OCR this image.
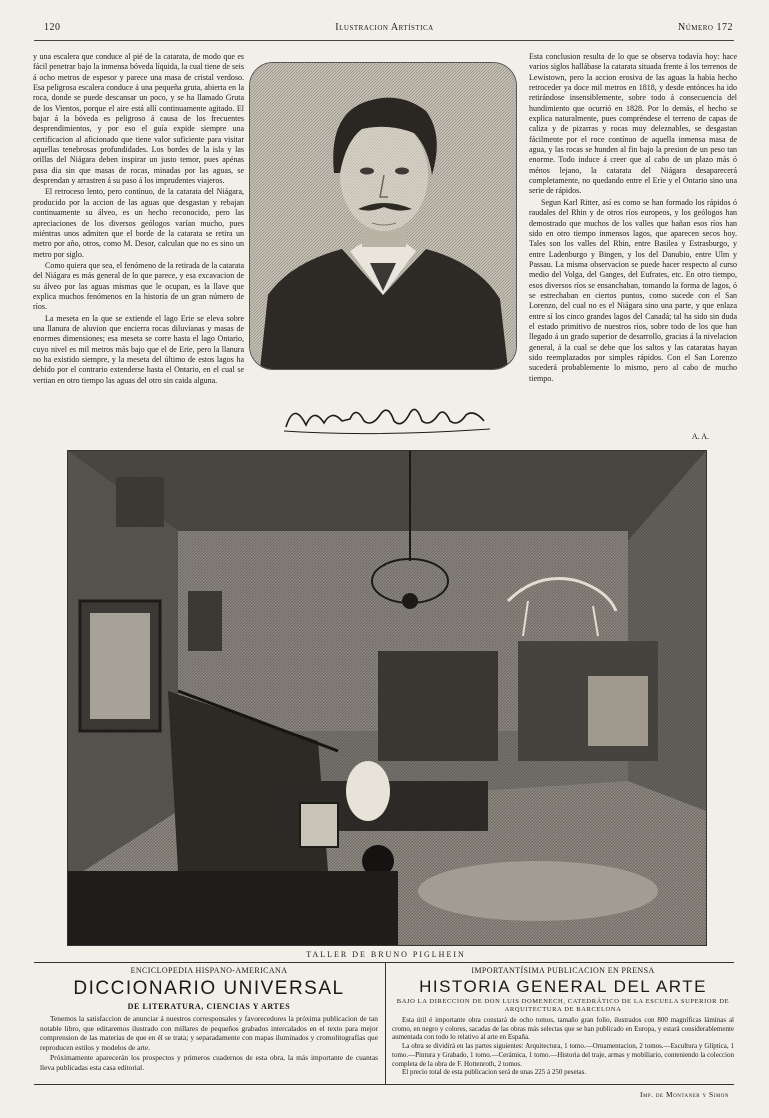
120	Ilustracion Artística	Número 172

y una escalera que conduce al pié de la catarata, de modo que es fácil penetrar bajo la inmensa bóveda líquida, la cual tiene de seis á ocho metros de espesor y parece una masa de cristal verdoso. Esa peligrosa escalera conduce á una pequeña gruta, abierta en la roca, donde se puede descansar un poco, y se ha llamado Gruta de los Vientos, porque el aire está allí continuamente agitado. El bajar á la bóveda es peligroso á causa de los frecuentes desprendimientos, y por eso el guía expide siempre una certificacion al aficionado que tiene valor suficiente para visitar aquellas tenebrosas profundidades. Los bordes de la isla y las orillas del Niágara deben inspirar un justo temor, pues apénas pasa dia sin que masas de rocas, minadas por las aguas, se desprendan y arrastren á su paso á los imprudentes viajeros.

El retroceso lento, pero contínuo, de la catarata del Niágara, producido por la accion de las aguas que desgastan y rebajan continuamente su álveo, es un hecho reconocido, pero las apreciaciones de los diversos geólogos varían mucho, pues miéntras unos admiten que el borde de la catarata se retira un metro por año, otros, como M. Desor, calculan que no es sino un metro por siglo.

Como quiera que sea, el fenómeno de la retirada de la catarata del Niágara es más general de lo que parece, y esa excavacion de su álveo por las aguas mismas que le ocupan, es la llave que explica muchos fenómenos en la historia de un gran número de ríos.

La meseta en la que se extiende el lago Erie se eleva sobre una llanura de aluvion que encierra rocas diluvianas y masas de enormes dimensiones; esa meseta se corre hasta el lago Ontario, cuyo nivel es mil metros más bajo que el de Erie, pero la llanura no ha existido siempre, y la meseta del último de estos lagos ha debido por el contrario extenderse hasta el Ontario, en el cual se vertian en otro tiempo las aguas del otro sin caida alguna.

Esta conclusion resulta de lo que se observa todavía hoy: hace varios siglos hallábase la catarata situada frente á los terrenos de Lewistown, pero la accion erosiva de las aguas la habia hecho retroceder ya doce mil metros en 1818, y desde entónces ha ido retirándose insensiblemente, sobre todo á consecuencia del hundimiento que ocurrió en 1828. Por lo demás, el hecho se explica naturalmente, pues compréndese el terreno de capas de caliza y de pizarras y rocas muy deleznables, se desgastan fácilmente por el roce contínuo de aquella inmensa masa de agua, y las rocas se hunden al fin bajo la presion de un peso tan enorme. Todo induce á creer que al cabo de un plazo más ó ménos lejano, la catarata del Niágara desaparecerá completamente, no quedando entre el Erie y el Ontario sino una serie de rápidos.

Segun Karl Ritter, así es como se han formado los rápidos ó raudales del Rhin y de otros ríos europeos, y los geólogos han demostrado que muchos de los valles que bañan esos ríos han sido en otro tiempo inmensos lagos, que aparecen secos hoy. Tales son los valles del Rhin, entre Basilea y Estrasburgo, y entre Ladenburgo y Bingen, y los del Danubio, entre Ulm y Passau. La misma observacion se puede hacer respecto al curso medio del Volga, del Ganges, del Eufrates, etc. En otro tiempo, esos diversos ríos se ensanchaban, tomando la forma de lagos, ó se estrechaban en ciertos puntos, como sucede con el San Lorenzo, del cual no es el Niágara sino una parte, y que enlaza entre sí los cinco grandes lagos del Canadá; tal ha sido sin duda el estado primitivo de nuestros ríos, sobre todo de los que han llegado á un grado superior de desarrollo, gracias á la nivelacion general, á la cual se debe que los saltos y las cataratas hayan sido reemplazados por simples rápidos. Con el San Lorenzo sucederá probablemente lo mismo, pero al cabo de mucho tiempo.

A. A.
TALLER DE BRUNO PIGLHEIN
ENCICLOPEDIA HISPANO-AMERICANA
DICCIONARIO UNIVERSAL
DE LITERATURA, CIENCIAS Y ARTES

Tenemos la satisfaccion de anunciar á nuestros corresponsales y favorecedores la próxima publicacion de tan notable libro, que editaremos ilustrado con millares de pequeños grabados intercalados en el texto para mejor comprension de las materias de que en él se trata; y separadamente con mapas iluminados y cromolitografías que reproducen estilos y modelos de arte.

Próximamente aparecerán los prospectos y primeros cuadernos de esta obra, la más importante de cuantas lleva publicadas esta casa editorial.

IMPORTANTÍSIMA PUBLICACION EN PRENSA
HISTORIA GENERAL DEL ARTE
BAJO LA DIRECCION DE DON LUIS DOMENECH, CATEDRÁTICO DE LA ESCUELA SUPERIOR DE ARQUITECTURA DE BARCELONA

Esta útil é importante obra constará de ocho tomos, tamaño gran folio, ilustrados con 800 magníficas láminas al cromo, en negro y colores, sacadas de las obras más selectas que se han publicado en Europa, y estará considerablemente aumentada con todo lo relativo al arte en España.

La obra se dividirá en las partes siguientes: Arquitectura, 1 tomo.—Ornamentacion, 2 tomos.—Escultura y Glíptica, 1 tomo.—Pintura y Grabado, 1 tomo.—Cerámica, 1 tomo.—Historia del traje, armas y mobiliario, conteniendo la coleccion completa de la obra de F. Hottenroth, 2 tomos.

El precio total de esta publicacion será de unas 225 á 250 pesetas.

Imp. de Montaner y Simon
